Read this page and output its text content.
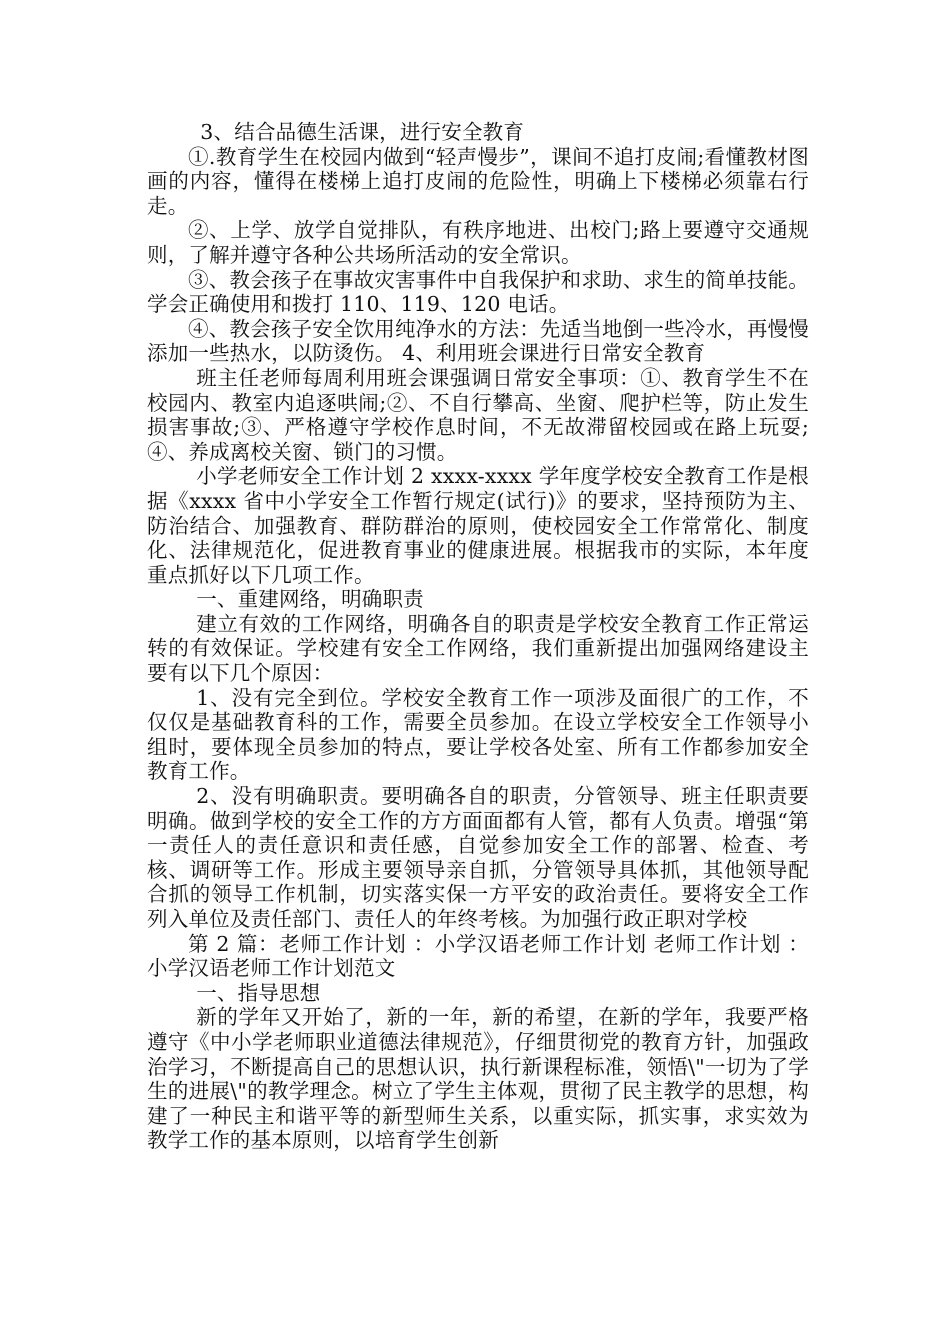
3、结合品德生活课，进行安全教育

①.教育学生在校园内做到“轻声慢步”，课间不追打皮闹;看懂教材图画的内容，懂得在楼梯上追打皮闹的危险性，明确上下楼梯必须靠右行走。

②、上学、放学自觉排队，有秩序地进、出校门;路上要遵守交通规则，了解并遵守各种公共场所活动的安全常识。

③、教会孩子在事故灾害事件中自我保护和求助、求生的简单技能。学会正确使用和拨打 110、119、120 电话。

④、教会孩子安全饮用纯净水的方法：先适当地倒一些冷水，再慢慢添加一些热水，以防烫伤。 4、利用班会课进行日常安全教育

班主任老师每周利用班会课强调日常安全事项：①、教育学生不在校园内、教室内追逐哄闹;②、不自行攀高、坐窗、爬护栏等，防止发生损害事故;③、严格遵守学校作息时间，不无故滞留校园或在路上玩耍;④、养成离校关窗、锁门的习惯。

小学老师安全工作计划 2 xxxx-xxxx 学年度学校安全教育工作是根据《xxxx 省中小学安全工作暂行规定(试行)》的要求，坚持预防为主、防治结合、加强教育、群防群治的原则，使校园安全工作常常化、制度化、法律规范化，促进教育事业的健康进展。根据我市的实际，本年度重点抓好以下几项工作。

一、重建网络，明确职责

建立有效的工作网络，明确各自的职责是学校安全教育工作正常运转的有效保证。学校建有安全工作网络，我们重新提出加强网络建设主要有以下几个原因：

1、没有完全到位。学校安全教育工作一项涉及面很广的工作，不仅仅是基础教育科的工作，需要全员参加。在设立学校安全工作领导小组时，要体现全员参加的特点，要让学校各处室、所有工作都参加安全教育工作。

2、没有明确职责。要明确各自的职责，分管领导、班主任职责要明确。做到学校的安全工作的方方面面都有人管，都有人负责。增强“第一责任人的责任意识和责任感，自觉参加安全工作的部署、检查、考核、调研等工作。形成主要领导亲自抓，分管领导具体抓，其他领导配合抓的领导工作机制，切实落实保一方平安的政治责任。要将安全工作列入单位及责任部门、责任人的年终考核。为加强行政正职对学校

第 2 篇：老师工作计划 ：小学汉语老师工作计划 老师工作计划 ：小学汉语老师工作计划范文

一、指导思想

新的学年又开始了，新的一年，新的希望，在新的学年，我要严格遵守《中小学老师职业道德法律规范》，仔细贯彻党的教育方针，加强政治学习，不断提高自己的思想认识，执行新课程标准，领悟\"一切为了学生的进展\"的教学理念。树立了学生主体观，贯彻了民主教学的思想，构建了一种民主和谐平等的新型师生关系，以重实际，抓实事，求实效为教学工作的基本原则，以培育学生创新
